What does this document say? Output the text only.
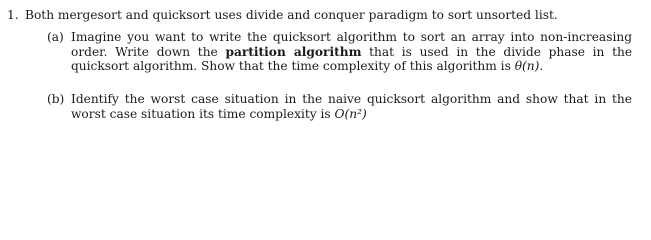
1. Both mergesort and quicksort uses divide and conquer paradigm to sort unsorted list.
(a) Imagine you want to write the quicksort algorithm to sort an array into non-increasing order. Write down the partition algorithm that is used in the divide phase in the quicksort algorithm. Show that the time complexity of this algorithm is θ(n).
(b) Identify the worst case situation in the naive quicksort algorithm and show that in the worst case situation its time complexity is O(n²)
